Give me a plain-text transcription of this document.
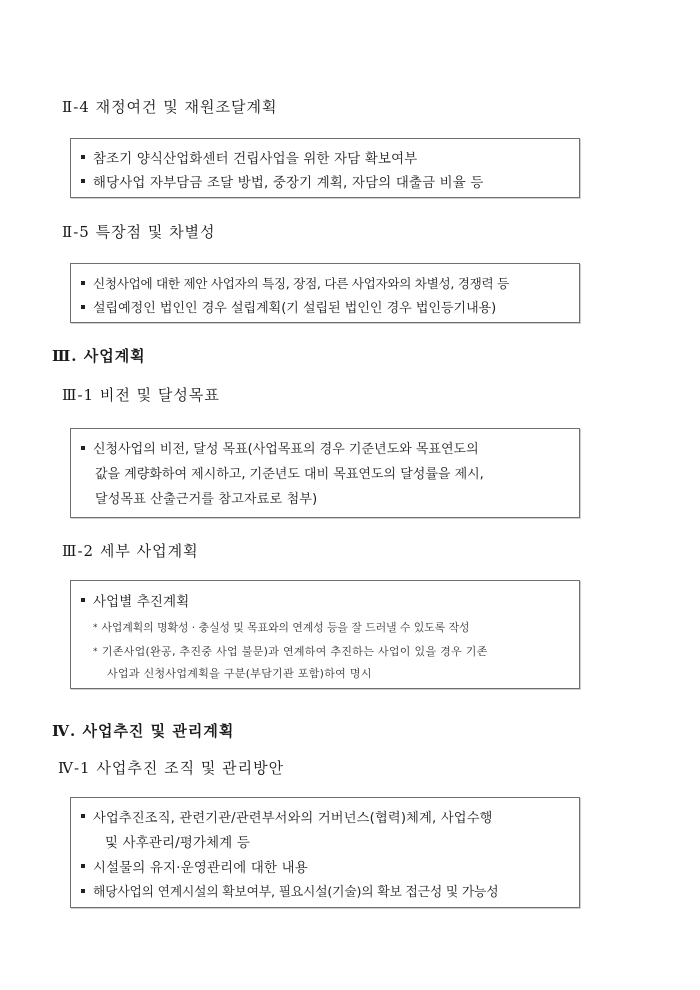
Ⅱ-4 재정여건 및 재원조달계획
참조기 양식산업화센터 건립사업을 위한 자담 확보여부
해당사업 자부담금 조달 방법, 중장기 계획, 자담의 대출금 비율 등
Ⅱ-5 특장점 및 차별성
신청사업에 대한 제안 사업자의 특징, 장점, 다른 사업자와의 차별성, 경쟁력 등
설립예정인 법인인 경우 설립계획(기 설립된 법인인 경우 법인등기내용)
Ⅲ. 사업계획
Ⅲ-1 비전 및 달성목표
신청사업의 비전, 달성 목표(사업목표의 경우 기준년도와 목표연도의
값을 계량화하여 제시하고, 기준년도 대비 목표연도의 달성률을 제시,
달성목표 산출근거를 참고자료로 첨부)
Ⅲ-2 세부 사업계획
사업별 추진계획
* 사업계획의 명확성 · 충실성 및 목표와의 연계성 등을 잘 드러낼 수 있도록 작성
* 기존사업(완공, 추진중 사업 불문)과 연계하여 추진하는 사업이 있을 경우 기존
사업과 신청사업계획을 구분(부담기관 포함)하여 명시
Ⅳ. 사업추진 및 관리계획
Ⅳ-1 사업추진 조직 및 관리방안
사업추진조직, 관련기관/관련부서와의 거버넌스(협력)체계, 사업수행
및 사후관리/평가체계 등
시설물의 유지·운영관리에 대한 내용
해당사업의 연계시설의 확보여부, 필요시설(기술)의 확보 접근성 및 가능성
